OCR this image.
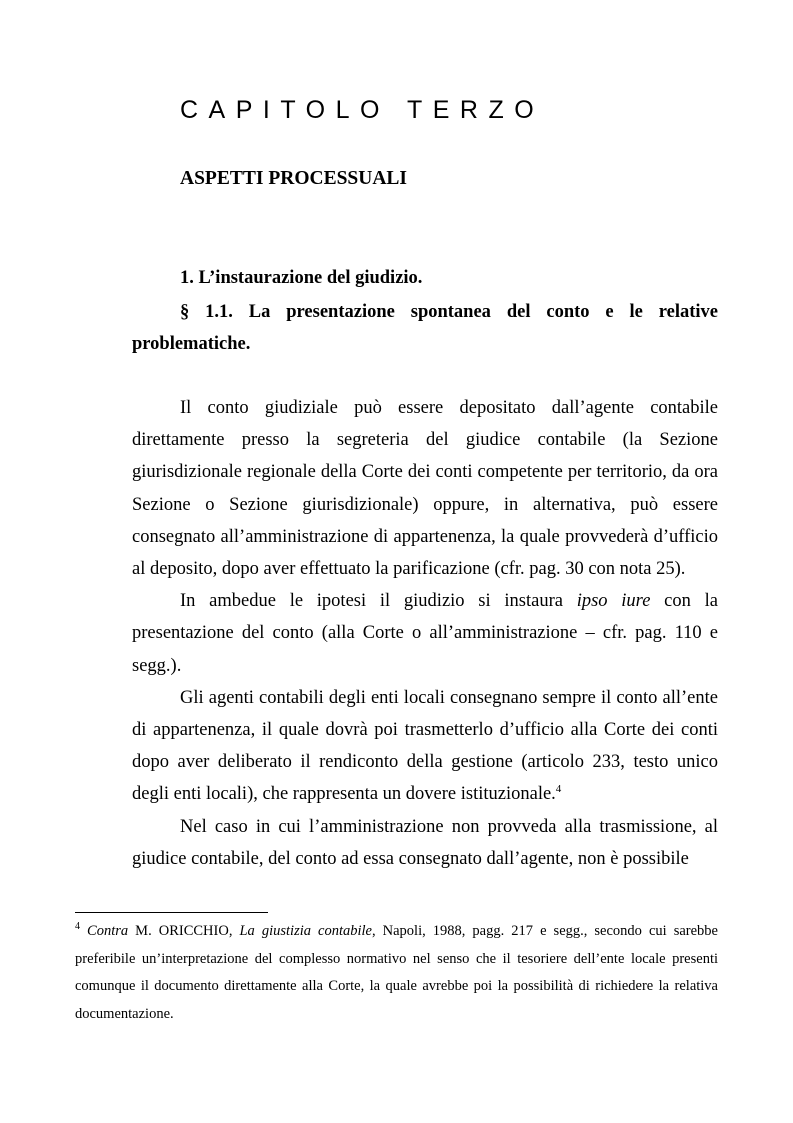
CAPITOLO TERZO
ASPETTI PROCESSUALI
1. L’instaurazione del giudizio.
§ 1.1. La presentazione spontanea del conto e le relative problematiche.

Il conto giudiziale può essere depositato dall’agente contabile direttamente presso la segreteria del giudice contabile (la Sezione giurisdizionale regionale della Corte dei conti competente per territorio, da ora Sezione o Sezione giurisdizionale) oppure, in alternativa, può essere consegnato all’amministrazione di appartenenza, la quale provvederà d’ufficio al deposito, dopo aver effettuato la parificazione (cfr. pag. 30 con nota 25).

In ambedue le ipotesi il giudizio si instaura ipso iure con la presentazione del conto (alla Corte o all’amministrazione – cfr. pag. 110 e segg.).

Gli agenti contabili degli enti locali consegnano sempre il conto all’ente di appartenenza, il quale dovrà poi trasmetterlo d’ufficio alla Corte dei conti dopo aver deliberato il rendiconto della gestione (articolo 233, testo unico degli enti locali), che rappresenta un dovere istituzionale.$^4$

Nel caso in cui l’amministrazione non provveda alla trasmissione, al giudice contabile, del conto ad essa consegnato dall’agente, non è possibile

$^4$ Contra M. ORICCHIO, La giustizia contabile, Napoli, 1988, pagg. 217 e segg., secondo cui sarebbe preferibile un’interpretazione del complesso normativo nel senso che il tesoriere dell’ente locale presenti comunque il documento direttamente alla Corte, la quale avrebbe poi la possibilità di richiedere la relativa documentazione.
